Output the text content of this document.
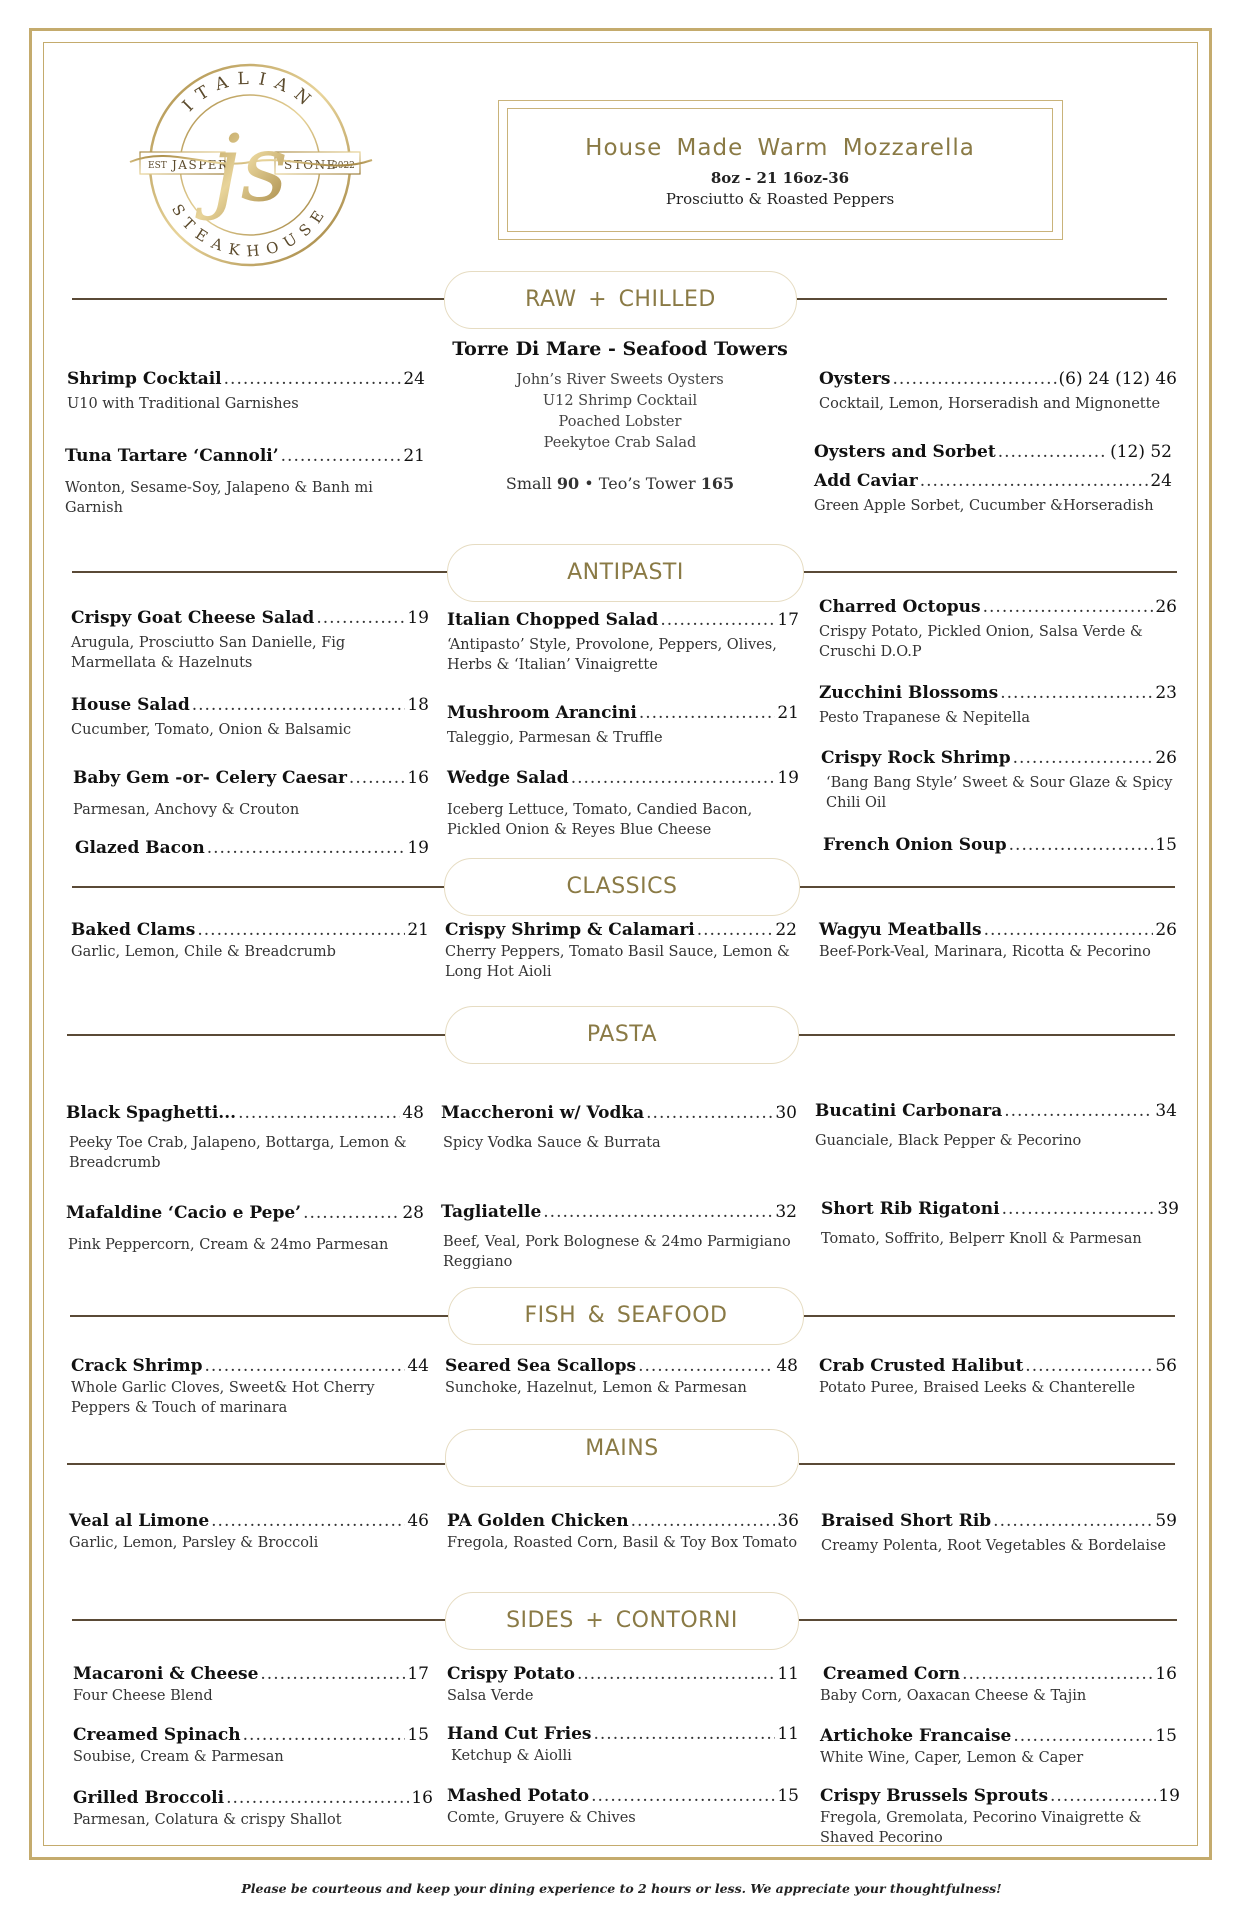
ITALIAN
STEAKHOUSE
EST JASPER	STONE
2022
js	House Made Warm Mozzarella
8oz - 21 16oz-36
Prosciutto & Roasted Peppers
RAW + CHILLED
Shrimp Cocktail .....	24
U10 with Traditional Garnishes
Tuna Tartare ‘Cannoli’ .....	21
Wonton, Sesame-Soy, Jalapeno & Banh mi Garnish
Torre Di Mare - Seafood Towers
John’s River Sweets Oysters
U12 Shrimp Cocktail
Poached Lobster
Peekytoe Crab Salad
Small 90 • Teo’s Tower 165
Oysters .....	(6) 24 (12) 46
Cocktail, Lemon, Horseradish and Mignonette
Oysters and Sorbet .....	(12) 52
Add Caviar .....	24
Green Apple Sorbet, Cucumber &Horseradish
ANTIPASTI
Crispy Goat Cheese Salad .....	19
Arugula, Prosciutto San Danielle, Fig Marmellata & Hazelnuts
House Salad .....	18
Cucumber, Tomato, Onion & Balsamic
Baby Gem -or- Celery Caesar .....	16
Parmesan, Anchovy & Crouton
Glazed Bacon .....	19
Italian Chopped Salad .....	17
‘Antipasto’ Style, Provolone, Peppers, Olives, Herbs & ‘Italian’ Vinaigrette
Mushroom Arancini .....	21
Taleggio, Parmesan & Truffle
Wedge Salad .....	19
Iceberg Lettuce, Tomato, Candied Bacon, Pickled Onion & Reyes Blue Cheese
Charred Octopus .....	26
Crispy Potato, Pickled Onion, Salsa Verde & Cruschi D.O.P
Zucchini Blossoms .....	23
Pesto Trapanese & Nepitella
Crispy Rock Shrimp .....	26
‘Bang Bang Style’ Sweet & Sour Glaze & Spicy Chili Oil
French Onion Soup .....	15
CLASSICS
Baked Clams .....	21
Garlic, Lemon, Chile & Breadcrumb
Crispy Shrimp & Calamari .....	22
Cherry Peppers, Tomato Basil Sauce, Lemon & Long Hot Aioli
Wagyu Meatballs .....	26
Beef-Pork-Veal, Marinara, Ricotta & Pecorino
PASTA
Black Spaghetti... .....	48
Peeky Toe Crab, Jalapeno, Bottarga, Lemon & Breadcrumb
Mafaldine ‘Cacio e Pepe’ .....	28
Pink Peppercorn, Cream & 24mo Parmesan
Maccheroni w/ Vodka .....	30
Spicy Vodka Sauce & Burrata
Tagliatelle .....	32
Beef, Veal, Pork Bolognese & 24mo Parmigiano Reggiano
Bucatini Carbonara .....	34
Guanciale, Black Pepper & Pecorino
Short Rib Rigatoni .....	39
Tomato, Soffrito, Belperr Knoll & Parmesan
FISH & SEAFOOD
Crack Shrimp .....	44
Whole Garlic Cloves, Sweet& Hot Cherry Peppers & Touch of marinara
Seared Sea Scallops .....	48
Sunchoke, Hazelnut, Lemon & Parmesan
Crab Crusted Halibut .....	56
Potato Puree, Braised Leeks & Chanterelle
MAINS
Veal al Limone .....	46
Garlic, Lemon, Parsley & Broccoli
PA Golden Chicken .....	36
Fregola, Roasted Corn, Basil & Toy Box Tomato
Braised Short Rib .....	59
Creamy Polenta, Root Vegetables & Bordelaise
SIDES + CONTORNI
Macaroni & Cheese .....	17
Four Cheese Blend
Creamed Spinach .....	15
Soubise, Cream & Parmesan
Grilled Broccoli .....	16
Parmesan, Colatura & crispy Shallot
Crispy Potato .....	11
Salsa Verde
Hand Cut Fries .....	11
Ketchup & Aiolli
Mashed Potato .....	15
Comte, Gruyere & Chives
Creamed Corn .....	16
Baby Corn, Oaxacan Cheese & Tajin
Artichoke Francaise .....	15
White Wine, Caper, Lemon & Caper
Crispy Brussels Sprouts .....	19
Fregola, Gremolata, Pecorino Vinaigrette & Shaved Pecorino
Please be courteous and keep your dining experience to 2 hours or less. We appreciate your thoughtfulness!
